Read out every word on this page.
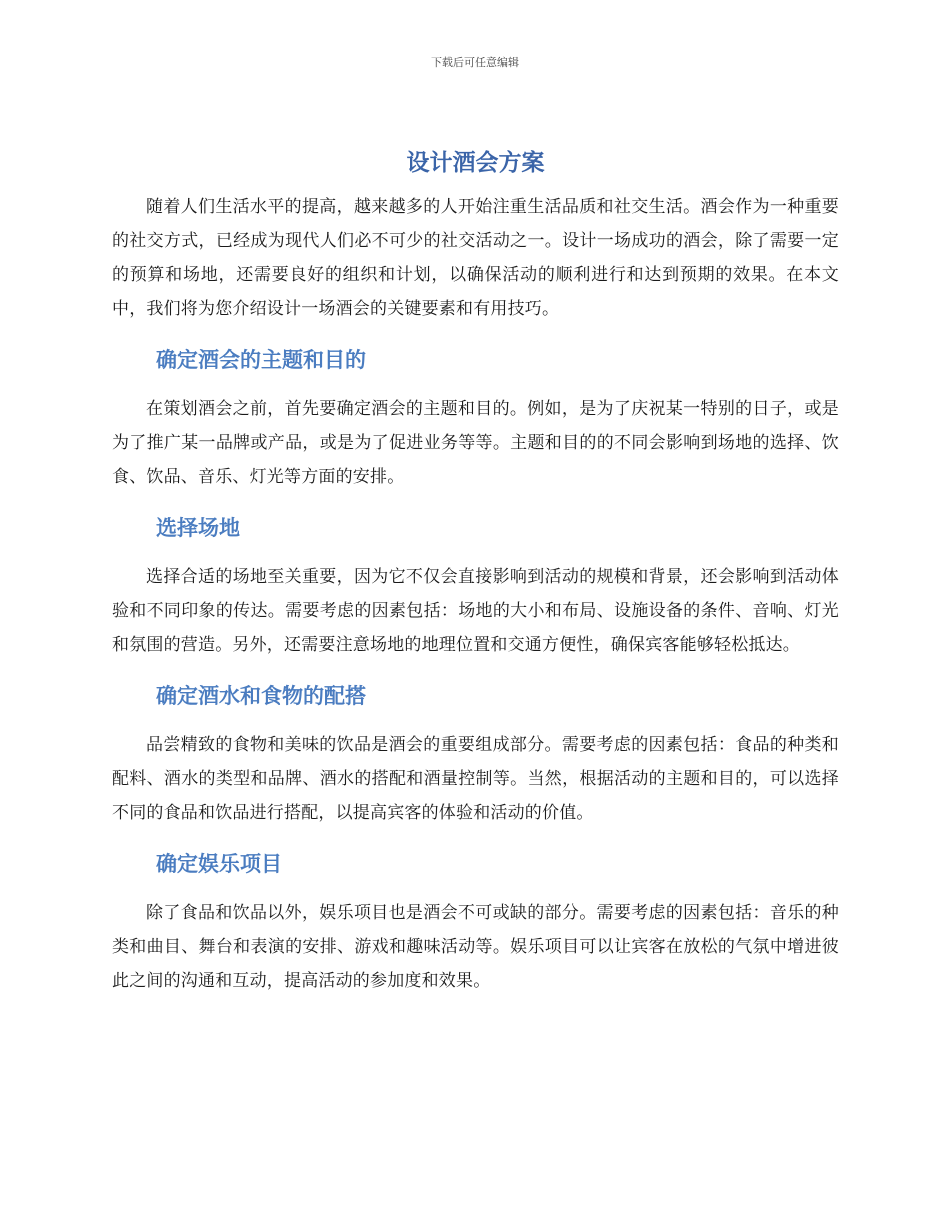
下载后可任意编辑
设计酒会方案

随着人们生活水平的提高，越来越多的人开始注重生活品质和社交生活。酒会作为一种重要的社交方式，已经成为现代人们必不可少的社交活动之一。设计一场成功的酒会，除了需要一定的预算和场地，还需要良好的组织和计划，以确保活动的顺利进行和达到预期的效果。在本文中，我们将为您介绍设计一场酒会的关键要素和有用技巧。

确定酒会的主题和目的

在策划酒会之前，首先要确定酒会的主题和目的。例如，是为了庆祝某一特别的日子，或是为了推广某一品牌或产品，或是为了促进业务等等。主题和目的的不同会影响到场地的选择、饮食、饮品、音乐、灯光等方面的安排。

选择场地

选择合适的场地至关重要，因为它不仅会直接影响到活动的规模和背景，还会影响到活动体验和不同印象的传达。需要考虑的因素包括：场地的大小和布局、设施设备的条件、音响、灯光和氛围的营造。另外，还需要注意场地的地理位置和交通方便性，确保宾客能够轻松抵达。

确定酒水和食物的配搭

品尝精致的食物和美味的饮品是酒会的重要组成部分。需要考虑的因素包括：食品的种类和配料、酒水的类型和品牌、酒水的搭配和酒量控制等。当然，根据活动的主题和目的，可以选择不同的食品和饮品进行搭配，以提高宾客的体验和活动的价值。

确定娱乐项目

除了食品和饮品以外，娱乐项目也是酒会不可或缺的部分。需要考虑的因素包括：音乐的种类和曲目、舞台和表演的安排、游戏和趣味活动等。娱乐项目可以让宾客在放松的气氛中增进彼此之间的沟通和互动，提高活动的参加度和效果。
